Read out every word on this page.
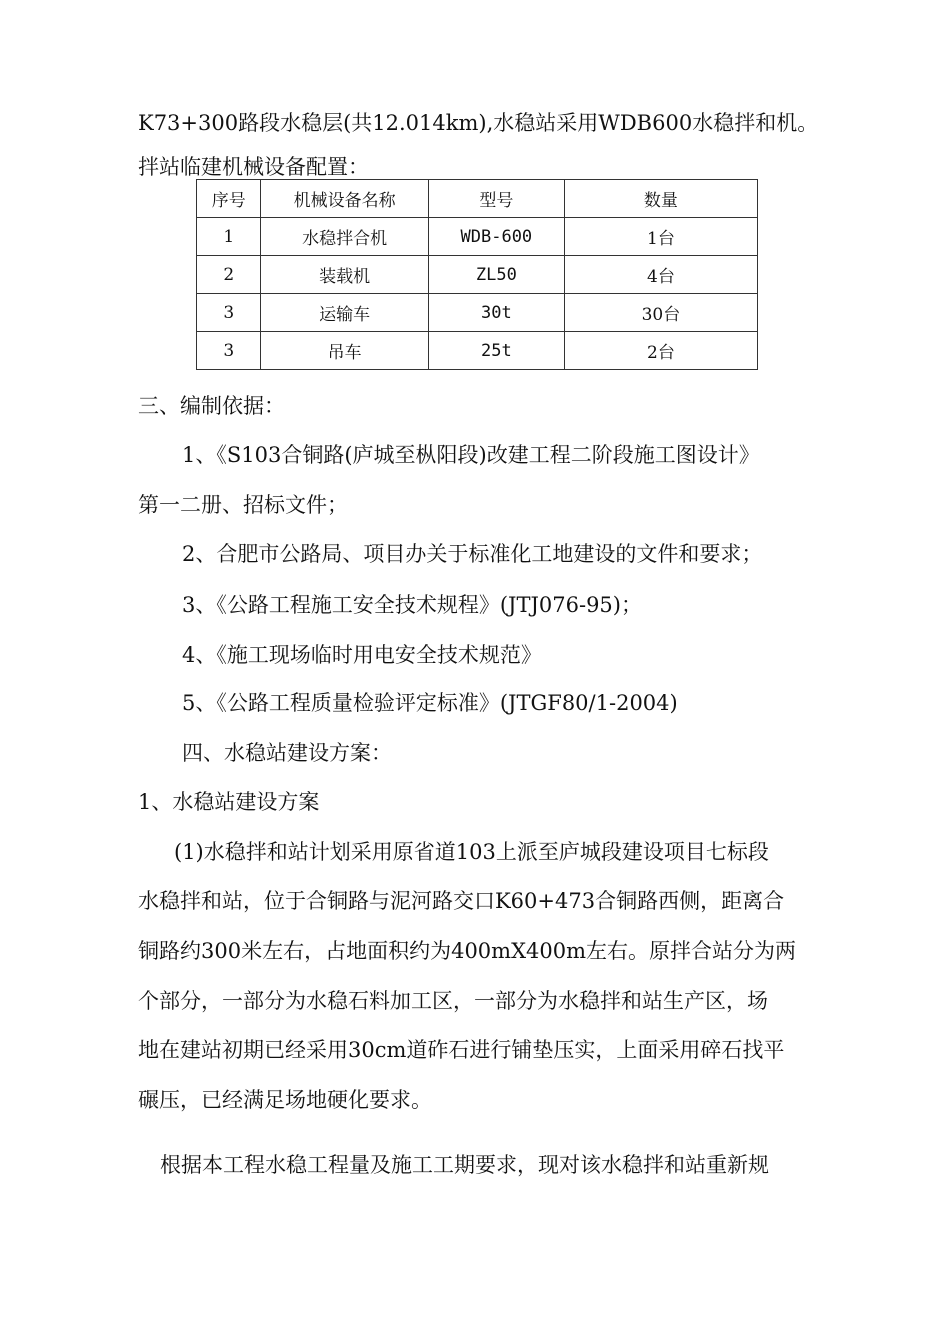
K73+300路段水稳层(共12.014km),水稳站采用WDB600水稳拌和机。
拌站临建机械设备配置：
序号	机械设备名称	型号	数量
1	水稳拌合机	WDB-600	1台
2	装载机	ZL50	4台
3	运输车	30t	30台
3	吊车	25t	2台
三、编制依据：
1、《S103合铜路(庐城至枞阳段)改建工程二阶段施工图设计》
第一二册、招标文件；
2、合肥市公路局、项目办关于标准化工地建设的文件和要求；
3、《公路工程施工安全技术规程》(JTJ076-95)；
4、《施工现场临时用电安全技术规范》
5、《公路工程质量检验评定标准》(JTGF80/1-2004)
四、水稳站建设方案：
1、水稳站建设方案
(1)水稳拌和站计划采用原省道103上派至庐城段建设项目七标段
水稳拌和站，位于合铜路与泥河路交口K60+473合铜路西侧，距离合
铜路约300米左右，占地面积约为400mX400m左右。原拌合站分为两
个部分，一部分为水稳石料加工区，一部分为水稳拌和站生产区，场
地在建站初期已经采用30cm道砟石进行铺垫压实，上面采用碎石找平
碾压，已经满足场地硬化要求。
根据本工程水稳工程量及施工工期要求，现对该水稳拌和站重新规
